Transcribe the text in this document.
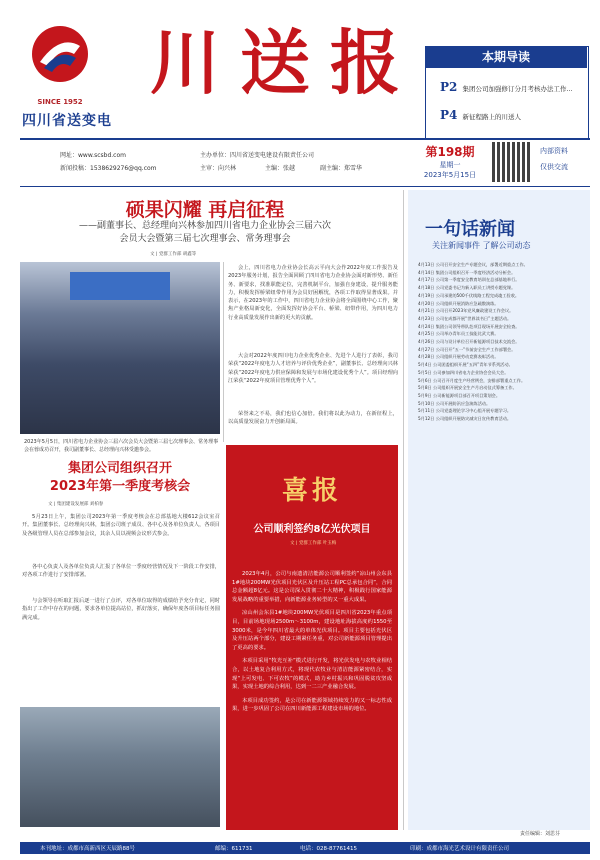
SINCE 1952
四川省送变电
川送报	本期导读
P2 集团公司加强修订分月考核办法工作...
P4 新征程路上的川送人
网址：www.scsbd.com
新闻投稿：1538629276@qq.com
主办单位：四川省送变电建设有限责任公司
主审：向兴林	主编：张越	副主编：郑雪华
第198期
星期一
2023年5月15日
内部资料
仅供交流
硕果闪耀 再启征程
——副董事长、总经理向兴林参加四川省电力企业协会三届六次
会员大会暨第三届七次理事会、常务理事会
文 | 党群工作部 胡鑫等
2023年5月5日，四川省电力企业协会三届六次会员大会暨第三届七次理事会、常务理事会在蓉成功召开，我司副董事长、总经理向兴林受邀参会。
会上，四川省电力企业协会长高云平向大会作2022年度工作报告及2023年服务计划，报告全面回顾了四川省电力企业协会面对新形势、新任务、新要求，找准职能定位，完善机制平台，加强自身建设，提升服务能力，积极发挥桥梁纽带作用为会员好困解忧，各项工作取得显著成果。并表示，在2023年的工作中，四川省电力企业协会将全面围绕中心工作，聚焦产业格局新变化，全面发挥好协会平台、桥梁、纽带作用，为四川电力行业高质量发展作出新的更大的贡献。
大会对2022年度四川电力企业优秀企业、先进个人进行了表彰，我司荣获“2022年度电力人才培养与评价优秀企业”，副董事长、总经理向兴林荣获“2022年度电力供应保障和发展与市场化建设优秀个人”。项目经理向江荣获“2022年度项目管理优秀个人”。
荣誉来之不易，我们也信心加倍。我们将以此为动力，在新征程上，以高质量发展奋力开创新局面。
集团公司组织召开
2023年第一季度考核会
文 | 集团建设发展部 刘柏春
5月23日上午，集团公司2023年第一季度考核会在总部基地大楼612会议室召开。集团董事长、总经理向兴林，集团公司班子成员、各中心及各单位负责人，各项目及各级管理人员在总部参加会议，其余人员以视频会议形式参会。
各中心负责人及各单位负责人汇报了各单位一季度经营情况及下一阶段工作安排，对各项工作进行了安排部署。
与会领导在听取汇报后逐一进行了点评，对各单位取得的成绩给予充分肯定，同时指出了工作中存在的问题，要求各单位提高站位，抓好落实，确保年度各项目标任务圆满完成。
喜报
公司顺利签约8亿光伏项目
文 | 党群工作部 叶玉梅

2023年4月，公司与南遗清洁能源公司顺利签约“凉山州会东县1#地块200MW光伏项目光伏区及升压站工程PC总承包合同”，合同总金额超8亿元。这是公司深入贯彻二十大精神，积极践行国家能源发展战略的重要举措，向新能源业务转型的又一重大成果。

凉山州会东县1#地块200MW光伏项目是四川省2023年重点项目，目前场地现场2500m～3100m，建设地址海拔高度约1550至3000米，是今年四川省最大的单体光伏项目。项目主要包括光伏区及升压站两个部分，建设工期紧任务重，对公司新能源项目管理提出了更高的要求。

本项目采用“牧光互补”模式进行开发，将光伏发电与农牧业相结合，以土地复合利用方式，将现代农牧业与清洁能源紧密结合，实现“上可发电、下可农牧”的模式，助力乡村振兴和巩固脱贫攻坚成果，实现土地的综合利用，达到一二三产业融合发展。

本项目成功签约，是公司在新能源领域持续发力的又一标志性成果，进一步巩固了公司在四川新能源工程建设市场的地位。

一句话新闻
关注新闻事件 了解公司动态

4月13日 公司召开安全生产专题会议，部署近期重点工作。

4月14日 集团公司组织召开一季度经济活动分析会。

4月17日 公司第一季度安全教育培训在总部基地举行。

4月18日 公司党委书记为新入职员工讲授专题党课。

4月19日 公司承建的500千伏线路工程完成竣工验收。

4月20日 公司组织开展消防应急疏散演练。

4月21日 公司召开2023年党风廉政建设工作会议。

4月23日 公司在成都开展“世界读书日”主题活动。

4月24日 集团公司领导带队赴项目现场开展安全检查。

4月25日 公司举办青年员工技能比武大赛。

4月26日 公司与设计单位召开新能源项目技术交流会。

4月27日 公司召开“五一”节前安全生产工作部署会。

4月28日 公司组织开展劳动竞赛表彰活动。

5月4日 公司团委组织开展“五四”青年节系列活动。

5月5日 公司参加四川省电力企业协会会员大会。

5月6日 公司召开月度生产经营例会，安排部署重点工作。

5月8日 公司组织开展安全生产月启动仪式筹备工作。

5月9日 公司新能源项目部召开项目策划会。

5月10日 公司开展防汛应急演练活动。

5月11日 公司党委理论学习中心组开展专题学习。

5月12日 公司组织开展防灾减灾日宣传教育活动。

责任编辑：刘思芬
本刊地址：成都市高新西区天辰路88号	邮编：611731	电话：028-87761415	印刷：成都市海光艺术设计有限责任公司
